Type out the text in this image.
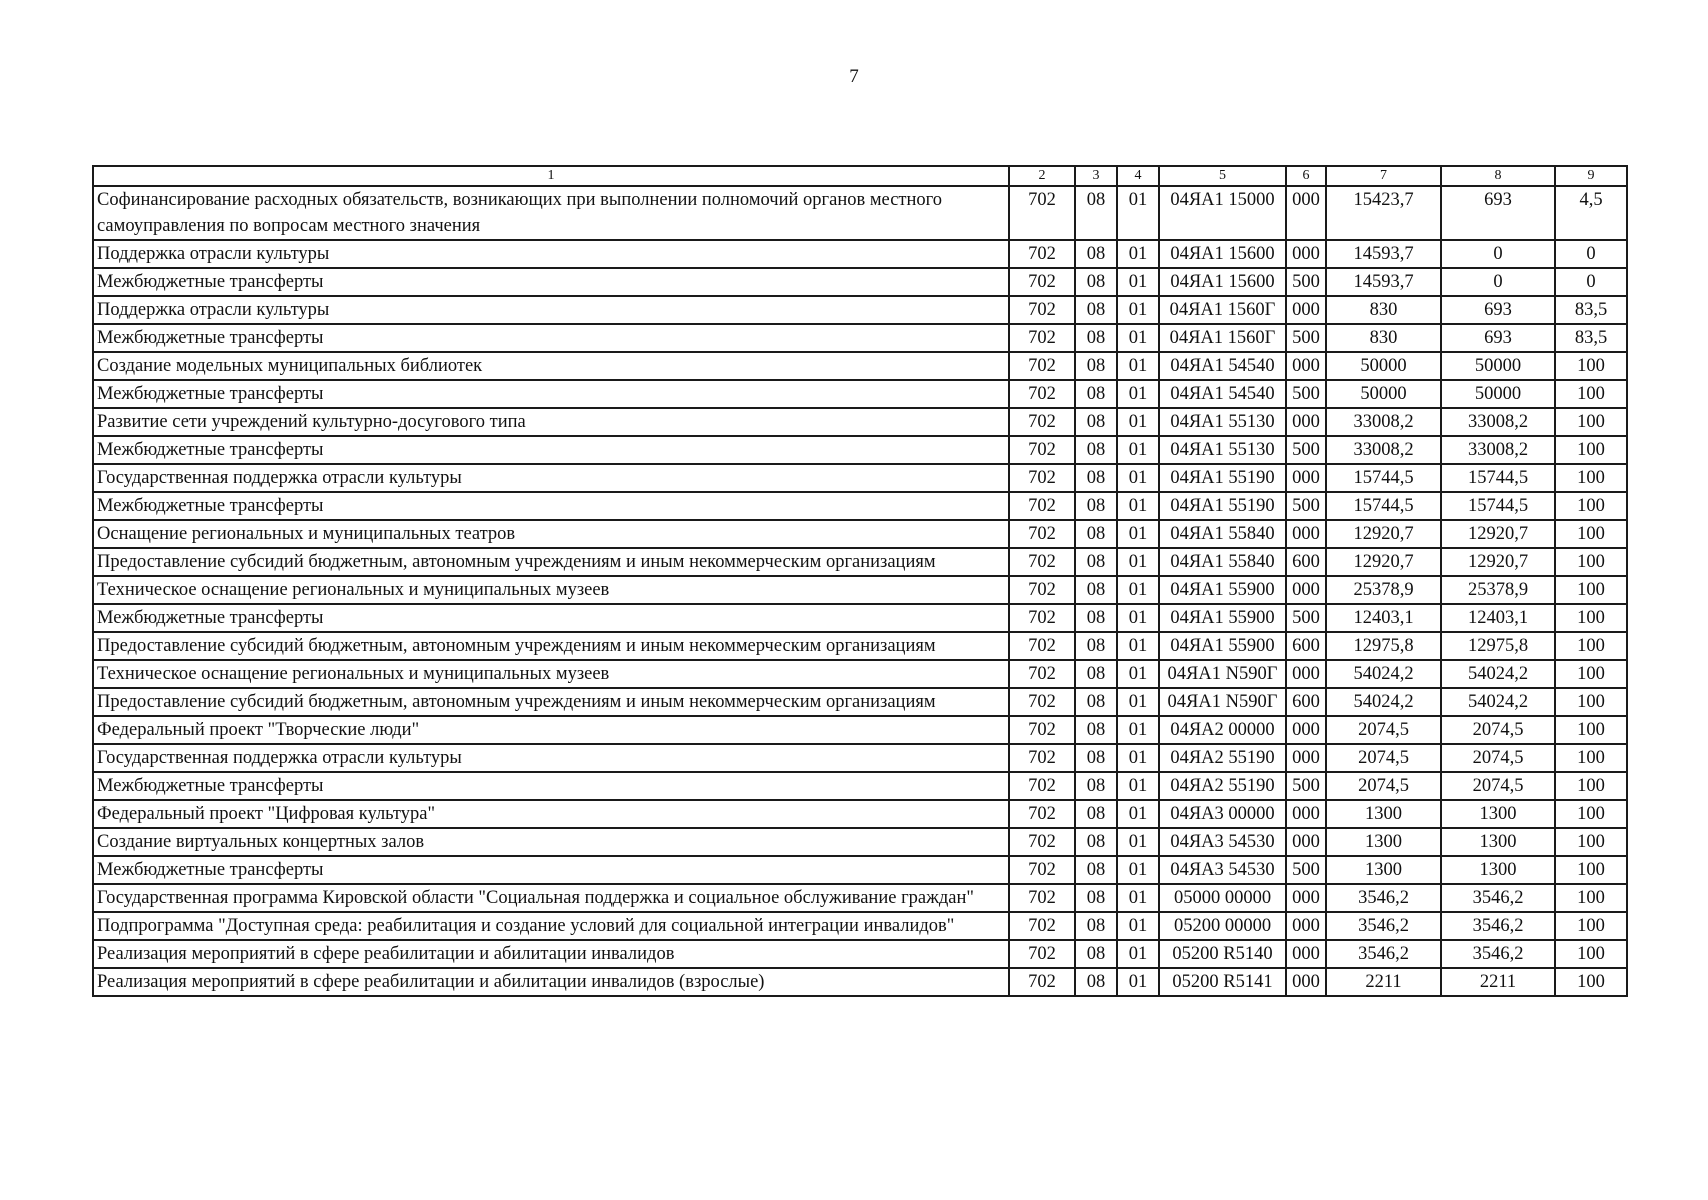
7
1	2	3	4	5	6	7	8	9
Софинансирование расходных обязательств, возникающих при выполнении полномочий органов местного самоуправления по вопросам местного значения	702	08	01	04ЯА1 15000	000	15423,7	693	4,5
Поддержка отрасли культуры	702	08	01	04ЯА1 15600	000	14593,7	0	0
Межбюджетные трансферты	702	08	01	04ЯА1 15600	500	14593,7	0	0
Поддержка отрасли культуры	702	08	01	04ЯА1 1560Г	000	830	693	83,5
Межбюджетные трансферты	702	08	01	04ЯА1 1560Г	500	830	693	83,5
Создание модельных муниципальных библиотек	702	08	01	04ЯА1 54540	000	50000	50000	100
Межбюджетные трансферты	702	08	01	04ЯА1 54540	500	50000	50000	100
Развитие сети учреждений культурно-досугового типа	702	08	01	04ЯА1 55130	000	33008,2	33008,2	100
Межбюджетные трансферты	702	08	01	04ЯА1 55130	500	33008,2	33008,2	100
Государственная поддержка отрасли культуры	702	08	01	04ЯА1 55190	000	15744,5	15744,5	100
Межбюджетные трансферты	702	08	01	04ЯА1 55190	500	15744,5	15744,5	100
Оснащение региональных и муниципальных театров	702	08	01	04ЯА1 55840	000	12920,7	12920,7	100
Предоставление субсидий бюджетным, автономным учреждениям и иным некоммерческим организациям	702	08	01	04ЯА1 55840	600	12920,7	12920,7	100
Техническое оснащение региональных и муниципальных музеев	702	08	01	04ЯА1 55900	000	25378,9	25378,9	100
Межбюджетные трансферты	702	08	01	04ЯА1 55900	500	12403,1	12403,1	100
Предоставление субсидий бюджетным, автономным учреждениям и иным некоммерческим организациям	702	08	01	04ЯА1 55900	600	12975,8	12975,8	100
Техническое оснащение региональных и муниципальных музеев	702	08	01	04ЯА1 N590Г	000	54024,2	54024,2	100
Предоставление субсидий бюджетным, автономным учреждениям и иным некоммерческим организациям	702	08	01	04ЯА1 N590Г	600	54024,2	54024,2	100
Федеральный проект "Творческие люди"	702	08	01	04ЯА2 00000	000	2074,5	2074,5	100
Государственная поддержка отрасли культуры	702	08	01	04ЯА2 55190	000	2074,5	2074,5	100
Межбюджетные трансферты	702	08	01	04ЯА2 55190	500	2074,5	2074,5	100
Федеральный проект "Цифровая культура"	702	08	01	04ЯА3 00000	000	1300	1300	100
Создание виртуальных концертных залов	702	08	01	04ЯА3 54530	000	1300	1300	100
Межбюджетные трансферты	702	08	01	04ЯА3 54530	500	1300	1300	100
Государственная программа Кировской области "Социальная поддержка и социальное обслуживание граждан"	702	08	01	05000 00000	000	3546,2	3546,2	100
Подпрограмма "Доступная среда: реабилитация и создание условий для социальной интеграции инвалидов"	702	08	01	05200 00000	000	3546,2	3546,2	100
Реализация мероприятий в сфере реабилитации и абилитации инвалидов	702	08	01	05200 R5140	000	3546,2	3546,2	100
Реализация мероприятий в сфере реабилитации и абилитации инвалидов (взрослые)	702	08	01	05200 R5141	000	2211	2211	100
